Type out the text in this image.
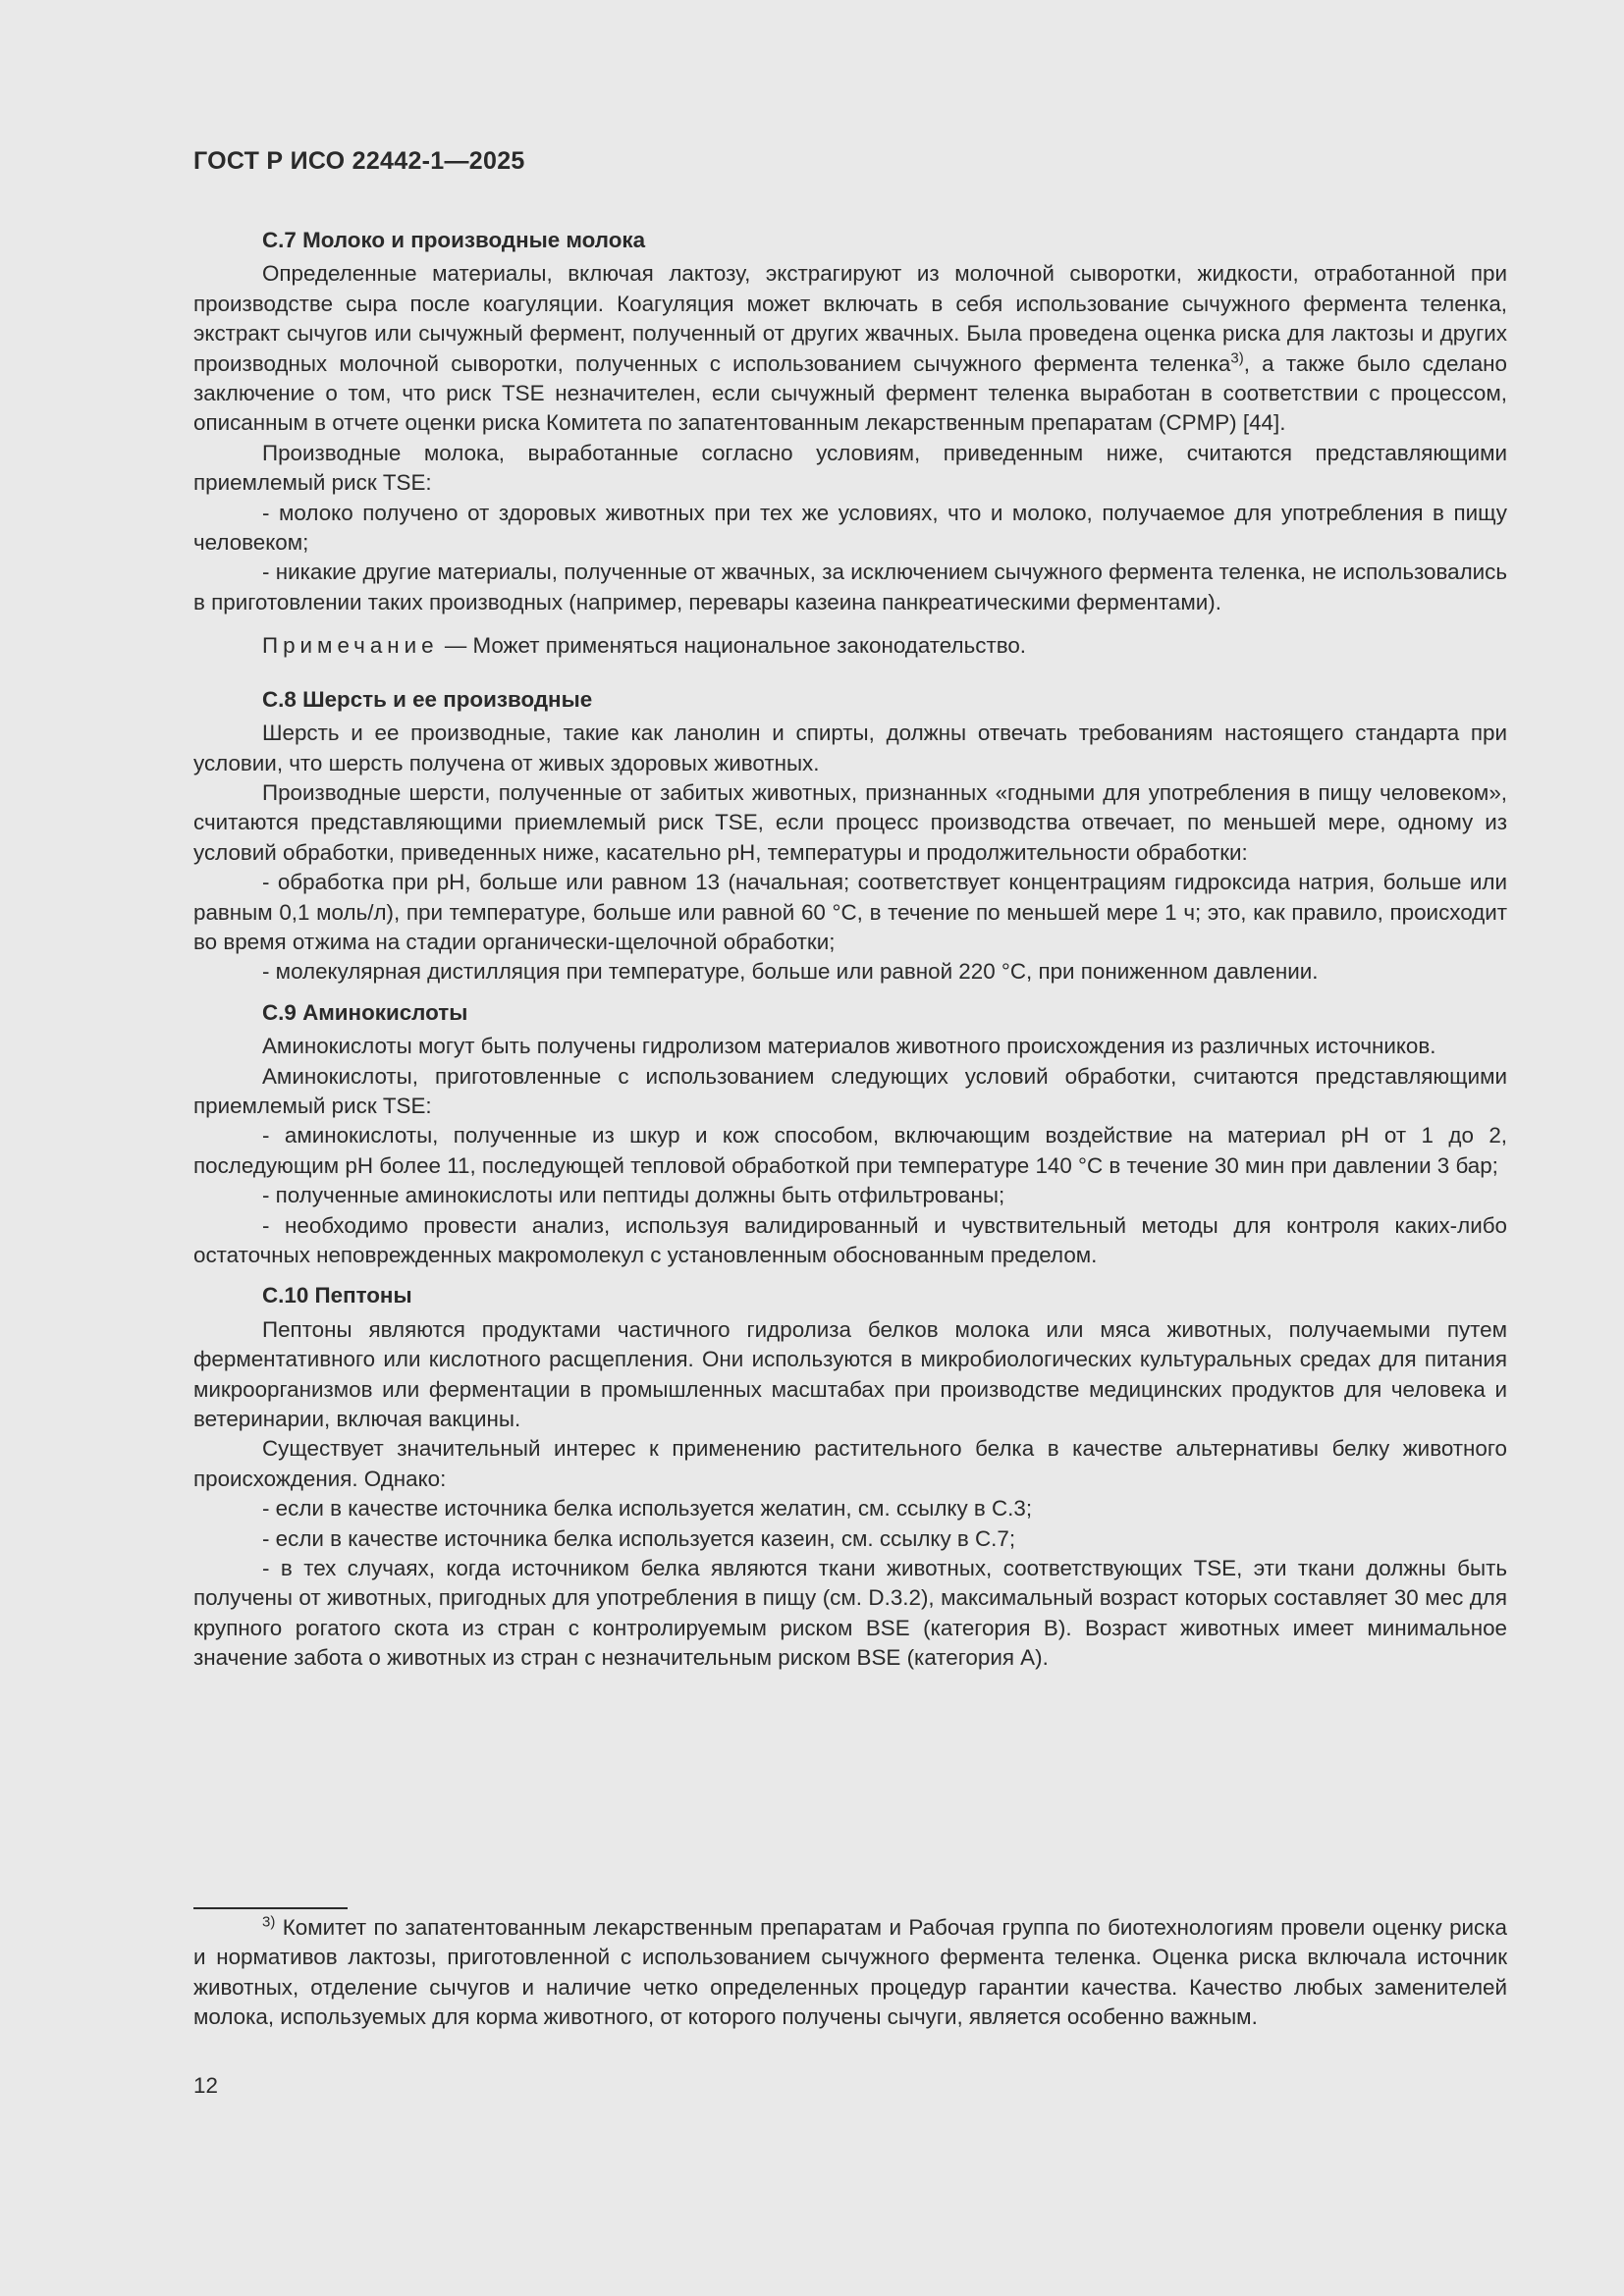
ГОСТ Р ИСО 22442-1—2025
C.7 Молоко и производные молока

Определенные материалы, включая лактозу, экстрагируют из молочной сыворотки, жидкости, отработанной при производстве сыра после коагуляции. Коагуляция может включать в себя использование сычужного фермента теленка, экстракт сычугов или сычужный фермент, полученный от других жвачных. Была проведена оценка риска для лактозы и других производных молочной сыворотки, полученных с использованием сычужного фермента теленка$^{3)}$, а также было сделано заключение о том, что риск TSE незначителен, если сычужный фермент теленка выработан в соответствии с процессом, описанным в отчете оценки риска Комитета по запатентованным лекарственным препаратам (CPMP) [44].

Производные молока, выработанные согласно условиям, приведенным ниже, считаются представляющими приемлемый риск TSE:

- молоко получено от здоровых животных при тех же условиях, что и молоко, получаемое для употребления в пищу человеком;

- никакие другие материалы, полученные от жвачных, за исключением сычужного фермента теленка, не использовались в приготовлении таких производных (например, перевары казеина панкреатическими ферментами).

Примечание — Может применяться национальное законодательство.
C.8 Шерсть и ее производные

Шерсть и ее производные, такие как ланолин и спирты, должны отвечать требованиям настоящего стандарта при условии, что шерсть получена от живых здоровых животных.

Производные шерсти, полученные от забитых животных, признанных «годными для употребления в пищу человеком», считаются представляющими приемлемый риск TSE, если процесс производства отвечает, по меньшей мере, одному из условий обработки, приведенных ниже, касательно pH, температуры и продолжительности обработки:

- обработка при pH, больше или равном 13 (начальная; соответствует концентрациям гидроксида натрия, больше или равным 0,1 моль/л), при температуре, больше или равной 60 °C, в течение по меньшей мере 1 ч; это, как правило, происходит во время отжима на стадии органически-щелочной обработки;

- молекулярная дистилляция при температуре, больше или равной 220 °C, при пониженном давлении.

C.9 Аминокислоты

Аминокислоты могут быть получены гидролизом материалов животного происхождения из различных источников.

Аминокислоты, приготовленные с использованием следующих условий обработки, считаются представляющими приемлемый риск TSE:

- аминокислоты, полученные из шкур и кож способом, включающим воздействие на материал pH от 1 до 2, последующим pH более 11, последующей тепловой обработкой при температуре 140 °C в течение 30 мин при давлении 3 бар;

- полученные аминокислоты или пептиды должны быть отфильтрованы;

- необходимо провести анализ, используя валидированный и чувствительный методы для контроля каких-либо остаточных неповрежденных макромолекул с установленным обоснованным пределом.

C.10 Пептоны

Пептоны являются продуктами частичного гидролиза белков молока или мяса животных, получаемыми путем ферментативного или кислотного расщепления. Они используются в микробиологических культуральных средах для питания микроорганизмов или ферментации в промышленных масштабах при производстве медицинских продуктов для человека и ветеринарии, включая вакцины.

Существует значительный интерес к применению растительного белка в качестве альтернативы белку животного происхождения. Однако:

- если в качестве источника белка используется желатин, см. ссылку в C.3;

- если в качестве источника белка используется казеин, см. ссылку в C.7;

- в тех случаях, когда источником белка являются ткани животных, соответствующих TSE, эти ткани должны быть получены от животных, пригодных для употребления в пищу (см. D.3.2), максимальный возраст которых составляет 30 мес для крупного рогатого скота из стран с контролируемым риском BSE (категория B). Возраст животных имеет минимальное значение забота о животных из стран с незначительным риском BSE (категория A).

$^{3)}$ Комитет по запатентованным лекарственным препаратам и Рабочая группа по биотехнологиям провели оценку риска и нормативов лактозы, приготовленной с использованием сычужного фермента теленка. Оценка риска включала источник животных, отделение сычугов и наличие четко определенных процедур гарантии качества. Качество любых заменителей молока, используемых для корма животного, от которого получены сычуги, является особенно важным.

12
